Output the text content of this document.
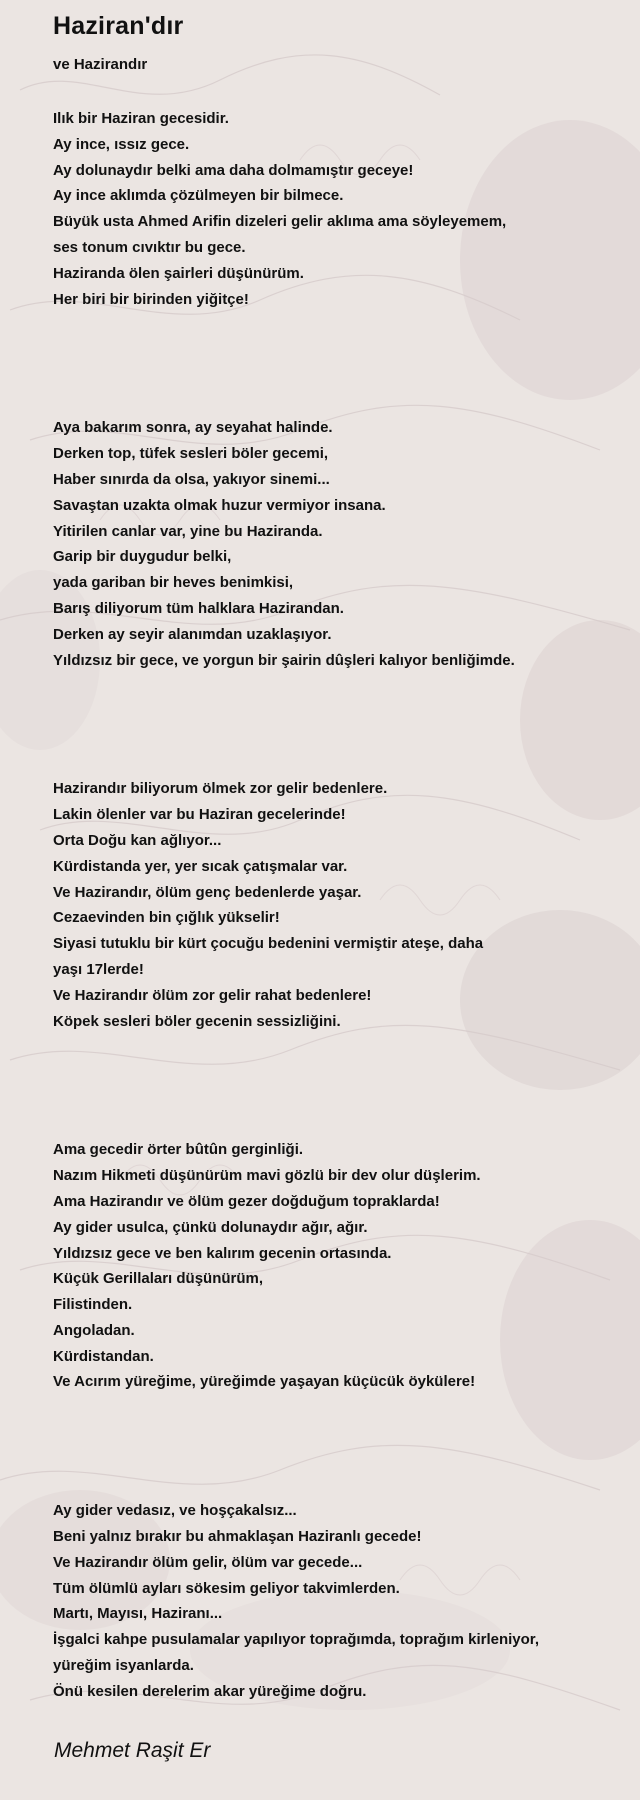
Haziran'dır
ve Hazirandır
Ilık bir Haziran gecesidir.
Ay ince, ıssız gece.
Ay dolunaydır belki ama daha dolmamıştır geceye!
Ay ince aklımda çözülmeyen bir bilmece.
Büyük usta Ahmed Arifin dizeleri gelir aklıma ama söyleyemem,
ses tonum cıvıktır bu gece.
Haziranda ölen şairleri düşünürüm.
Her biri bir birinden yiğitçe!
Aya bakarım sonra, ay seyahat halinde.
Derken top, tüfek sesleri böler gecemi,
Haber sınırda da olsa, yakıyor sinemi...
Savaştan uzakta olmak huzur vermiyor insana.
Yitirilen canlar var, yine bu Haziranda.
Garip bir duygudur belki,
yada gariban bir heves benimkisi,
Barış diliyorum tüm halklara Hazirandan.
Derken ay seyir alanımdan uzaklaşıyor.
Yıldızsız bir gece, ve yorgun bir şairin dûşleri kalıyor benliğimde.
Hazirandır biliyorum ölmek zor gelir bedenlere.
Lakin ölenler var bu Haziran gecelerinde!
Orta Doğu kan ağlıyor...
Kürdistanda yer, yer sıcak çatışmalar var.
Ve Hazirandır, ölüm genç bedenlerde yaşar.
Cezaevinden bin çığlık yükselir!
Siyasi tutuklu bir kürt çocuğu bedenini vermiştir ateşe, daha
yaşı 17lerde!
Ve Hazirandır ölüm zor gelir rahat bedenlere!
Köpek sesleri böler gecenin sessizliğini.
Ama gecedir örter bûtûn gerginliği.
Nazım Hikmeti düşünürüm mavi gözlü bir dev olur düşlerim.
Ama Hazirandır ve ölüm gezer doğduğum topraklarda!
Ay gider usulca, çünkü dolunaydır ağır, ağır.
Yıldızsız gece ve ben kalırım gecenin ortasında.
Küçük Gerillaları düşünürüm,
Filistinden.
Angoladan.
Kürdistandan.
Ve Acırım yüreğime, yüreğimde yaşayan küçücük öykülere!
Ay gider vedasız, ve hoşçakalsız...
Beni yalnız bırakır bu ahmaklaşan Haziranlı gecede!
Ve Hazirandır ölüm gelir, ölüm var gecede...
Tüm ölümlü ayları sökesim geliyor takvimlerden.
Martı, Mayısı, Haziranı...
İşgalci kahpe pusulamalar yapılıyor toprağımda, toprağım kirleniyor,
yüreğim isyanlarda.
Önü kesilen derelerim akar yüreğime doğru.
Mehmet Raşit Er
